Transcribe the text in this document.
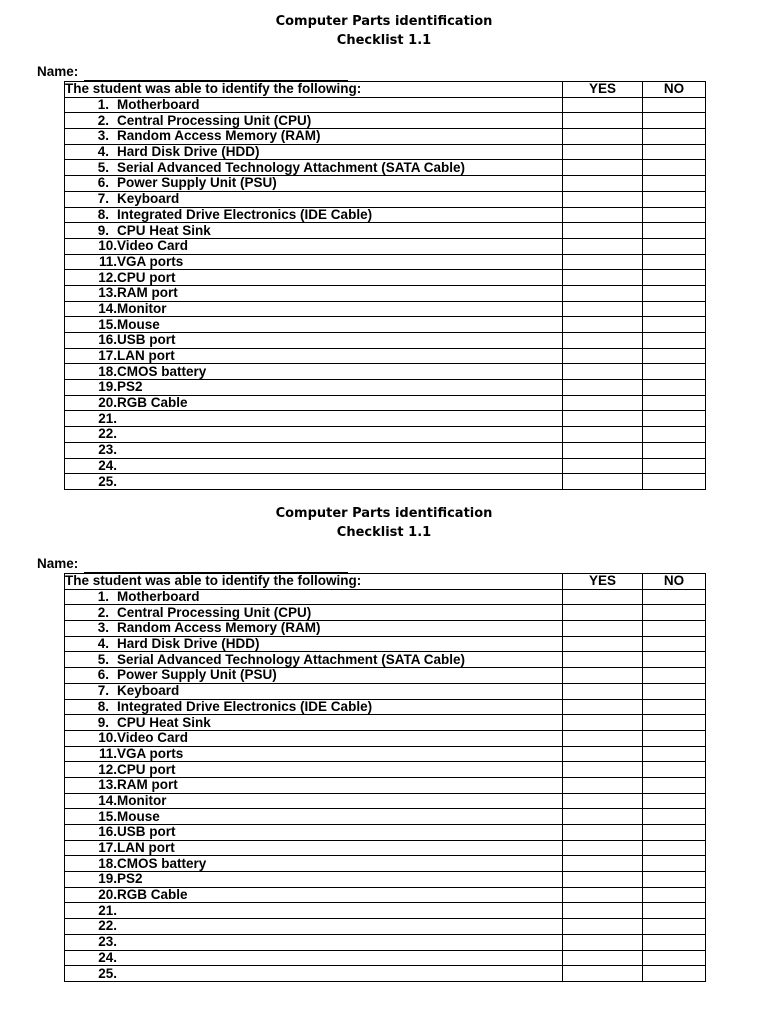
Computer Parts identification
Checklist 1.1
Name:
The student was able to identify the following:	YES	NO
1. Motherboard		
2. Central Processing Unit (CPU)		
3. Random Access Memory (RAM)		
4. Hard Disk Drive (HDD)		
5. Serial Advanced Technology Attachment (SATA Cable)		
6. Power Supply Unit (PSU)		
7. Keyboard		
8. Integrated Drive Electronics (IDE Cable)		
9. CPU Heat Sink		
10.Video Card		
11.VGA ports		
12.CPU port		
13.RAM port		
14.Monitor		
15.Mouse		
16.USB port		
17.LAN port		
18.CMOS battery		
19.PS2		
20.RGB Cable		
21.		
22.		
23.		
24.		
25.		
Computer Parts identification
Checklist 1.1
Name:
The student was able to identify the following:	YES	NO
1. Motherboard		
2. Central Processing Unit (CPU)		
3. Random Access Memory (RAM)		
4. Hard Disk Drive (HDD)		
5. Serial Advanced Technology Attachment (SATA Cable)		
6. Power Supply Unit (PSU)		
7. Keyboard		
8. Integrated Drive Electronics (IDE Cable)		
9. CPU Heat Sink		
10.Video Card		
11.VGA ports		
12.CPU port		
13.RAM port		
14.Monitor		
15.Mouse		
16.USB port		
17.LAN port		
18.CMOS battery		
19.PS2		
20.RGB Cable		
21.		
22.		
23.		
24.		
25.		
